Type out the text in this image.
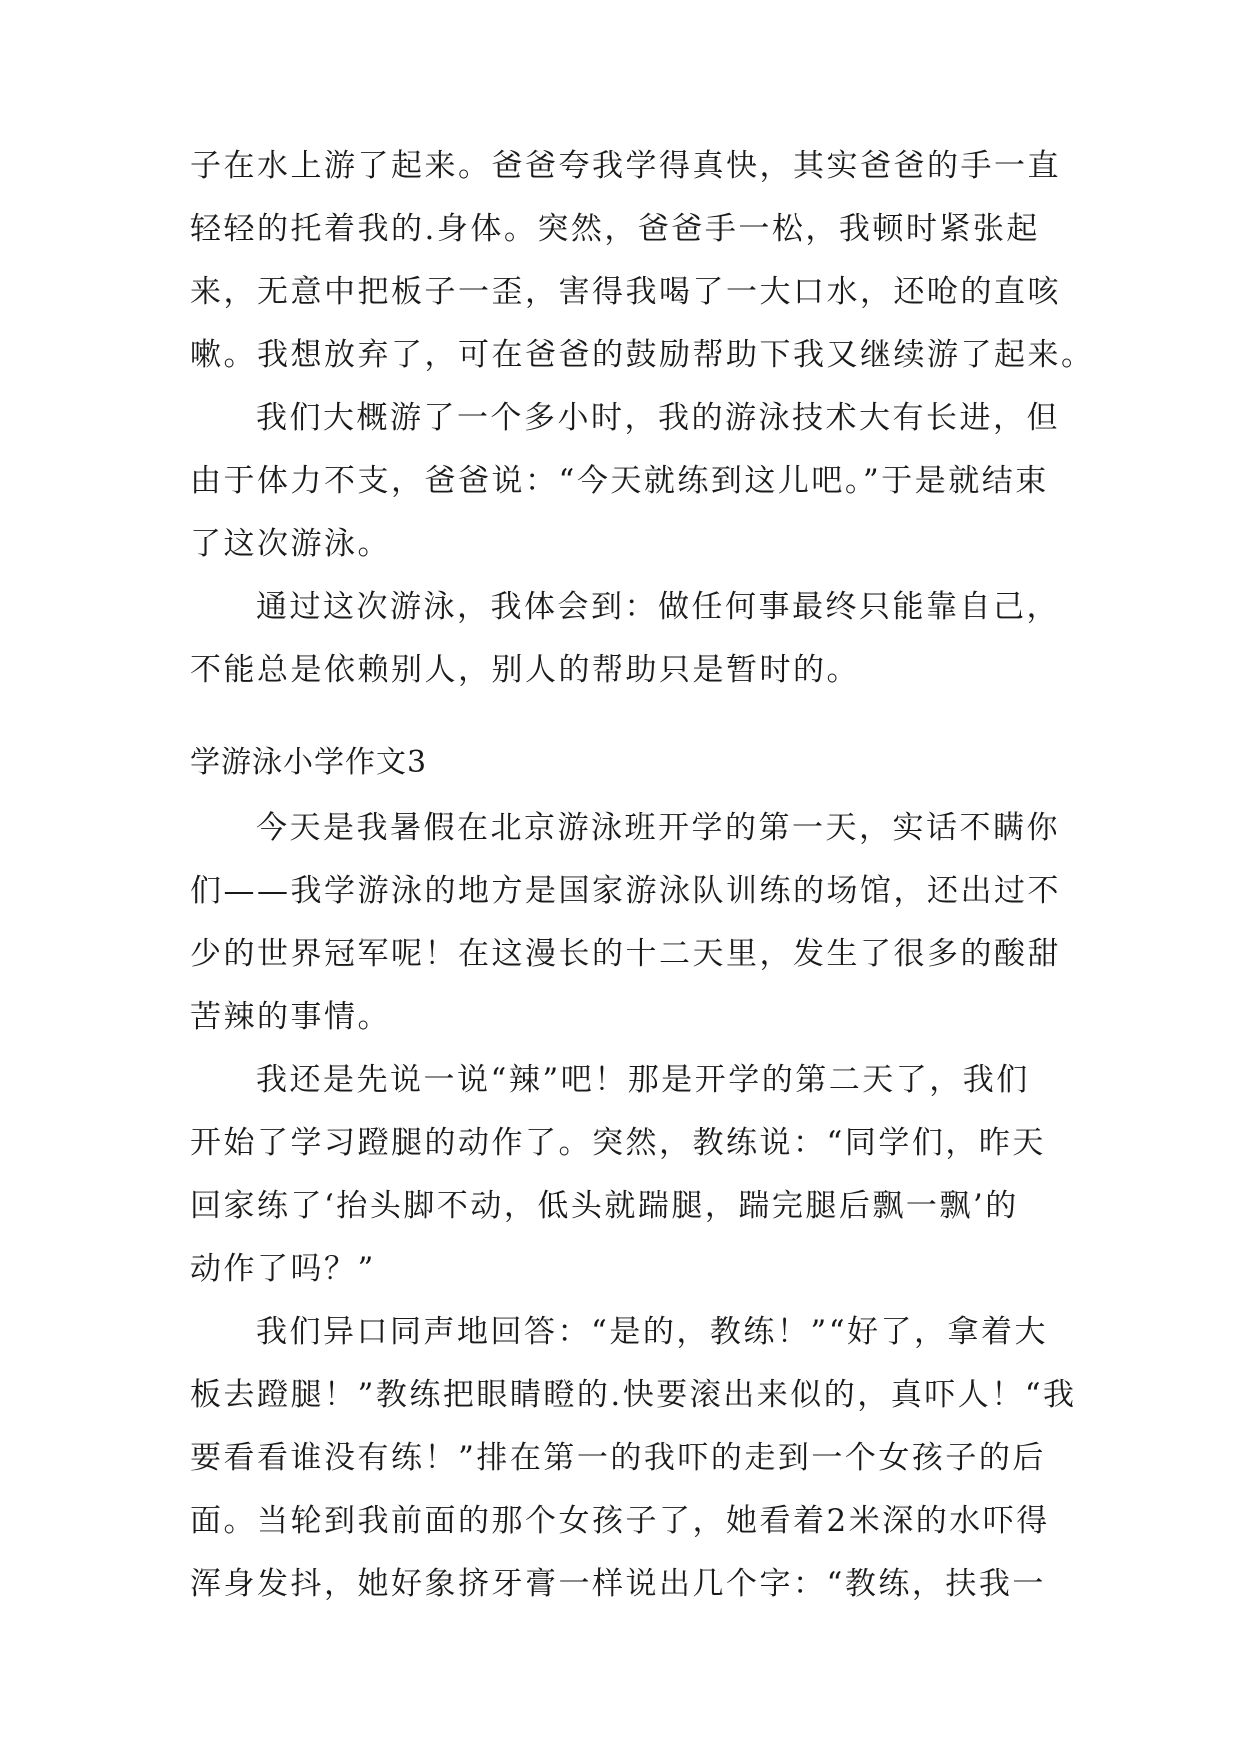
子在水上游了起来。爸爸夸我学得真快，其实爸爸的手一直
轻轻的托着我的.身体。突然，爸爸手一松，我顿时紧张起
来，无意中把板子一歪，害得我喝了一大口水，还呛的直咳
嗽。我想放弃了，可在爸爸的鼓励帮助下我又继续游了起来。
我们大概游了一个多小时，我的游泳技术大有长进，但
由于体力不支，爸爸说：“今天就练到这儿吧。”于是就结束
了这次游泳。
通过这次游泳，我体会到：做任何事最终只能靠自己，
不能总是依赖别人，别人的帮助只是暂时的。
学游泳小学作文3
今天是我暑假在北京游泳班开学的第一天，实话不瞒你
们——我学游泳的地方是国家游泳队训练的场馆，还出过不
少的世界冠军呢！在这漫长的十二天里，发生了很多的酸甜
苦辣的事情。
我还是先说一说“辣”吧！那是开学的第二天了，我们
开始了学习蹬腿的动作了。突然，教练说：“同学们，昨天
回家练了‘抬头脚不动，低头就踹腿，踹完腿后飘一飘’的
动作了吗？”
我们异口同声地回答：“是的，教练！”“好了，拿着大
板去蹬腿！”教练把眼睛瞪的.快要滚出来似的，真吓人！“我
要看看谁没有练！”排在第一的我吓的走到一个女孩子的后
面。当轮到我前面的那个女孩子了，她看着2米深的水吓得
浑身发抖，她好象挤牙膏一样说出几个字：“教练，扶我一
